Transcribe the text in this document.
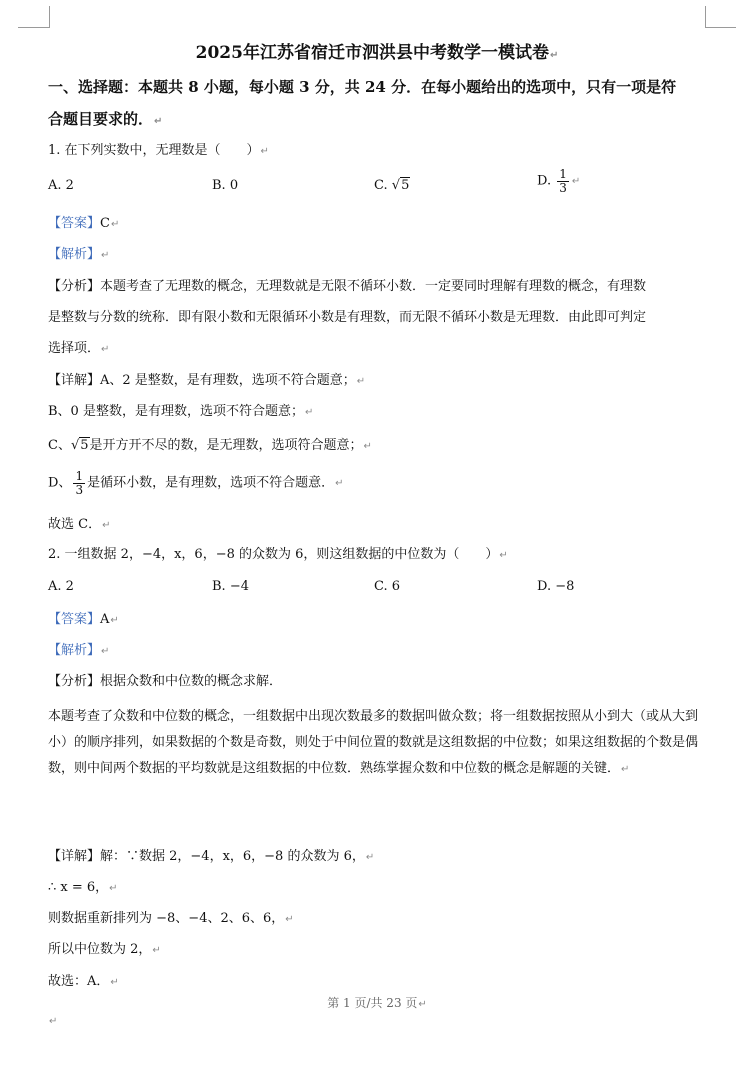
2025年江苏省宿迁市泗洪县中考数学一模试卷↵
一、选择题：本题共 8 小题，每小题 3 分，共 24 分．在每小题给出的选项中，只有一项是符
合题目要求的．↵
1. 在下列实数中，无理数是（　　）↵
A. 2	B. 0	C. √5	D. $\frac{1}{3}$ ↵
【答案】C↵
【解析】↵
【分析】本题考查了无理数的概念，无理数就是无限不循环小数．一定要同时理解有理数的概念，有理数
是整数与分数的统称．即有限小数和无限循环小数是有理数，而无限不循环小数是无理数．由此即可判定
选择项．↵
【详解】A、2 是整数，是有理数，选项不符合题意；↵
B、0 是整数，是有理数，选项不符合题意；↵
C、√5是开方开不尽的数，是无理数，选项符合题意；↵
D、 $\frac{1}{3}$ 是循环小数，是有理数，选项不符合题意．↵
故选 C．↵
2. 一组数据 2，−4，x，6，−8 的众数为 6，则这组数据的中位数为（　　）↵
A. 2	B. −4	C. 6	D. −8
【答案】A↵
【解析】↵
【分析】根据众数和中位数的概念求解．
本题考查了众数和中位数的概念，一组数据中出现次数最多的数据叫做众数；将一组数据按照从小到大（或从大到小）的顺序排列，如果数据的个数是奇数，则处于中间位置的数就是这组数据的中位数；如果这组数据的个数是偶数，则中间两个数据的平均数就是这组数据的中位数．熟练掌握众数和中位数的概念是解题的关键．↵
【详解】解：∵数据 2，−4，x，6，−8 的众数为 6，↵
∴ x = 6，↵
则数据重新排列为 −8、−4、2、6、6，↵
所以中位数为 2，↵
故选：A．↵
第 1 页/共 23 页↵
↵
